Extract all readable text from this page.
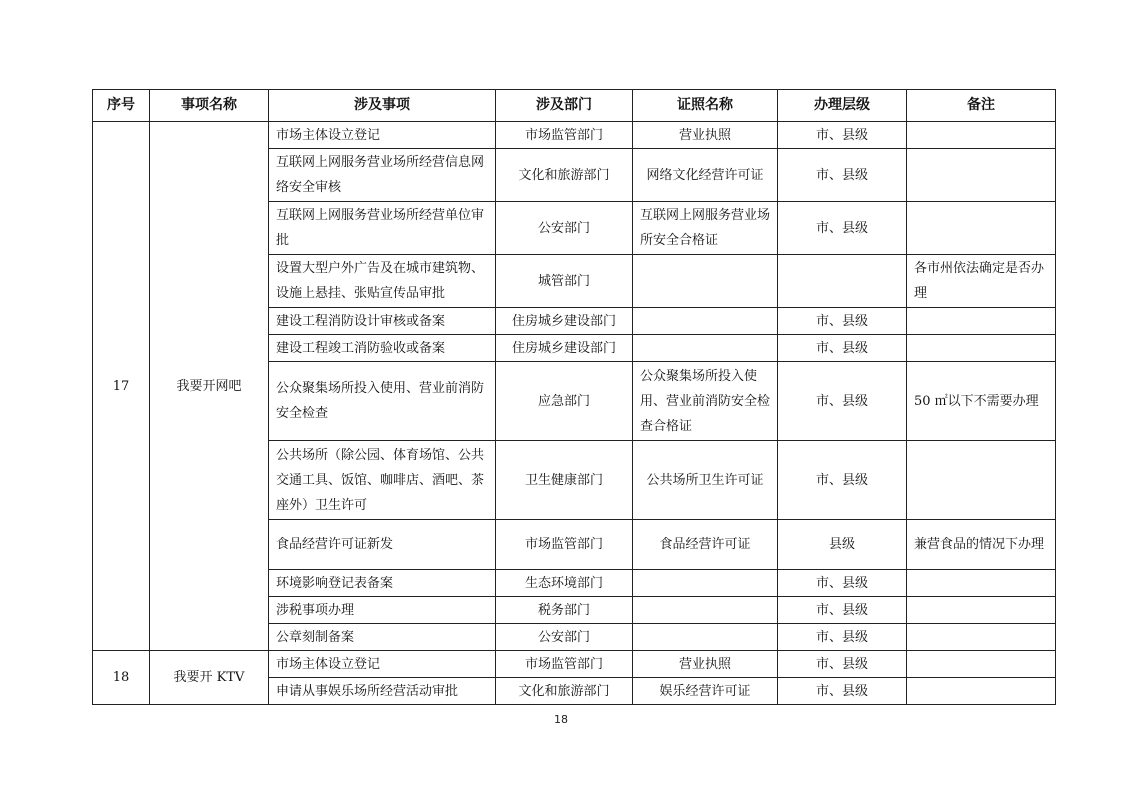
序号	事项名称	涉及事项	涉及部门	证照名称	办理层级	备注
17	我要开网吧	市场主体设立登记	市场监管部门	营业执照	市、县级	
		互联网上网服务营业场所经营信息网络安全审核	文化和旅游部门	网络文化经营许可证	市、县级	
		互联网上网服务营业场所经营单位审批	公安部门	互联网上网服务营业场所安全合格证	市、县级	
		设置大型户外广告及在城市建筑物、设施上悬挂、张贴宣传品审批	城管部门			各市州依法确定是否办理
		建设工程消防设计审核或备案	住房城乡建设部门		市、县级	
		建设工程竣工消防验收或备案	住房城乡建设部门		市、县级	
		公众聚集场所投入使用、营业前消防安全检查	应急部门	公众聚集场所投入使用、营业前消防安全检查合格证	市、县级	50 ㎡以下不需要办理
		公共场所（除公园、体育场馆、公共交通工具、饭馆、咖啡店、酒吧、茶座外）卫生许可	卫生健康部门	公共场所卫生许可证	市、县级	
		食品经营许可证新发	市场监管部门	食品经营许可证	县级	兼营食品的情况下办理
		环境影响登记表备案	生态环境部门		市、县级	
		涉税事项办理	税务部门		市、县级	
		公章刻制备案	公安部门		市、县级	
18	我要开 KTV	市场主体设立登记	市场监管部门	营业执照	市、县级	
		申请从事娱乐场所经营活动审批	文化和旅游部门	娱乐经营许可证	市、县级	
18
